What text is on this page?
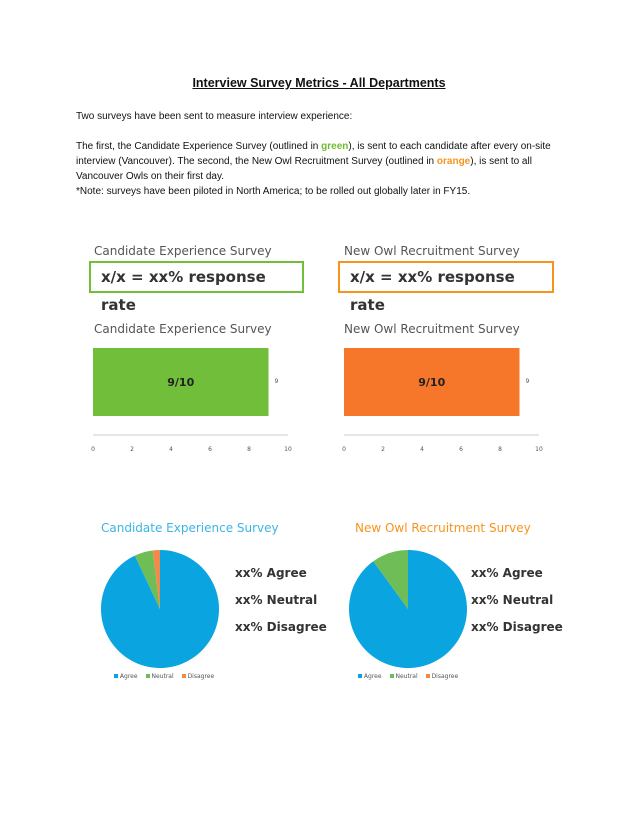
Interview Survey Metrics - All Departments
Two surveys have been sent to measure interview experience:
The first, the Candidate Experience Survey (outlined in green), is sent to each candidate after every on-site interview (Vancouver). The second, the New Owl Recruitment Survey (outlined in orange), is sent to all Vancouver Owls on their first day.
*Note: surveys have been piloted in North America; to be rolled out globally later in FY15.
Candidate Experience Survey
x/x = xx% response rate
New Owl Recruitment Survey
x/x = xx% response rate
Candidate Experience Survey
9/10	9
0	2	4	6	8	10
New Owl Recruitment Survey
9/10	9
0	2	4	6	8	10
Candidate Experience Survey
xx% Agree
xx% Neutral
xx% Disagree
Agree	Neutral	Disagree
New Owl Recruitment Survey
xx% Agree
xx% Neutral
xx% Disagree
Agree	Neutral	Disagree
